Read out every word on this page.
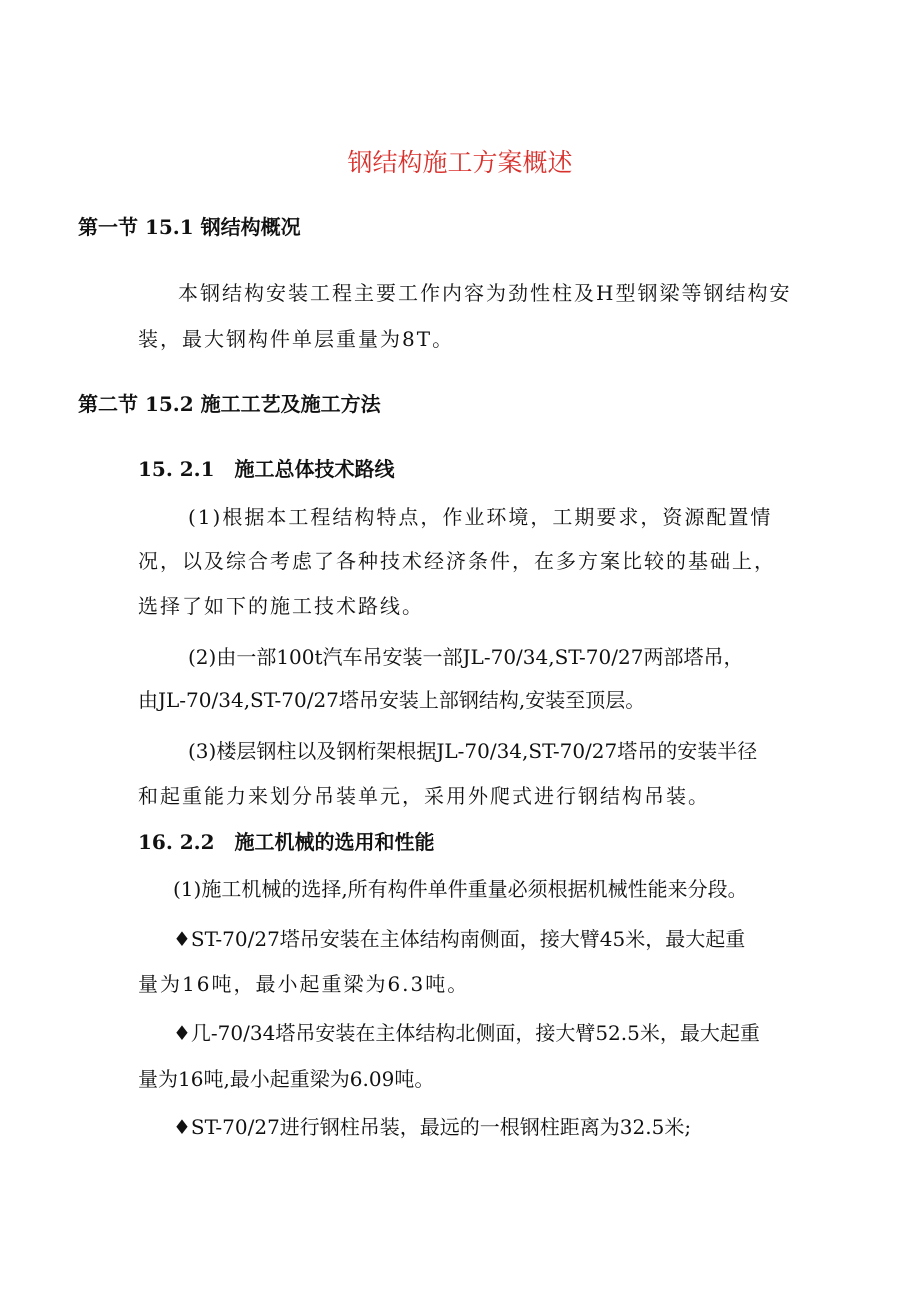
钢结构施工方案概述
第一节 15.1 钢结构概况
本钢结构安装工程主要工作内容为劲性柱及H型钢梁等钢结构安
装，最大钢构件单层重量为8T。
第二节 15.2 施工工艺及施工方法
15. 2.1　施工总体技术路线
(1)根据本工程结构特点，作业环境，工期要求，资源配置情
况，以及综合考虑了各种技术经济条件，在多方案比较的基础上，
选择了如下的施工技术路线。
(2)由一部100t汽车吊安装一部JL-70/34,ST-70/27两部塔吊，
由JL-70/34,ST-70/27塔吊安装上部钢结构,安装至顶层。
(3)楼层钢柱以及钢桁架根据JL-70/34,ST-70/27塔吊的安装半径
和起重能力来划分吊装单元，采用外爬式进行钢结构吊装。
16. 2.2　施工机械的选用和性能
(1)施工机械的选择,所有构件单件重量必须根据机械性能来分段。
♦ST-70/27塔吊安装在主体结构南侧面，接大臂45米，最大起重
量为16吨，最小起重梁为6.3吨。
♦几-70/34塔吊安装在主体结构北侧面，接大臂52.5米，最大起重
量为16吨,最小起重梁为6.09吨。
♦ST-70/27进行钢柱吊装，最远的一根钢柱距离为32.5米;
